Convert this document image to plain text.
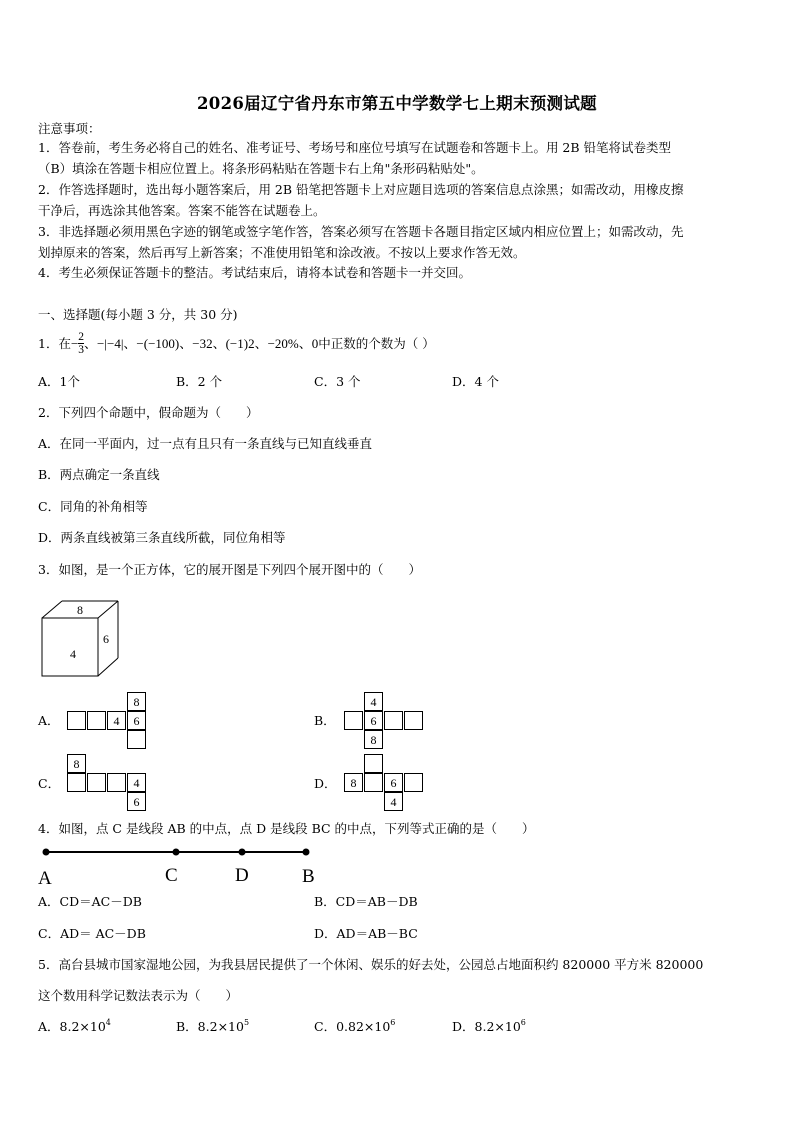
2026届辽宁省丹东市第五中学数学七上期末预测试题
注意事项：
1．答卷前，考生务必将自己的姓名、准考证号、考场号和座位号填写在试题卷和答题卡上。用 2B 铅笔将试卷类型
（B）填涂在答题卡相应位置上。将条形码粘贴在答题卡右上角"条形码粘贴处"。
2．作答选择题时，选出每小题答案后，用 2B 铅笔把答题卡上对应题目选项的答案信息点涂黑；如需改动，用橡皮擦
干净后，再选涂其他答案。答案不能答在试题卷上。
3．非选择题必须用黑色字迹的钢笔或签字笔作答，答案必须写在答题卡各题目指定区域内相应位置上；如需改动，先
划掉原来的答案，然后再写上新答案；不准使用铅笔和涂改液。不按以上要求作答无效。
4．考生必须保证答题卡的整洁。考试结束后，请将本试卷和答题卡一并交回。
一、选择题(每小题 3 分，共 30 分)
1．在 − $\frac{2}{3}$ 、−|−4|、−(−100)、−3 2 、(−1) 2 、−20%、0 中正数的个数为（ ）
A．1个	B．2 个	C．3 个	D．4 个
2．下列四个命题中，假命题为（　　）
A．在同一平面内，过一点有且只有一条直线与已知直线垂直
B．两点确定一条直线
C．同角的补角相等
D．两条直线被第三条直线所截，同位角相等
3．如图，是一个正方体，它的展开图是下列四个展开图中的（　　）
8
6
4
A．
8
4	6	B．
4
6
8
C．
8
4
6
D．	8	6
4
4．如图，点 C 是线段 AB 的中点，点 D 是线段 BC 的中点，下列等式正确的是（　　）
A	C	D	B
A．CD＝AC－DB	B．CD＝AB－DB
C．AD＝ AC－DB	D．AD＝AB－BC
5．高台县城市国家湿地公园，为我县居民提供了一个休闲、娱乐的好去处，公园总占地面积约 820000 平方米 820000
这个数用科学记数法表示为（　　）
A．$8.2\times 10^4$	B．$8.2\times 10^5$	C．$0.82\times 10^6$	D．$8.2\times 10^6$
